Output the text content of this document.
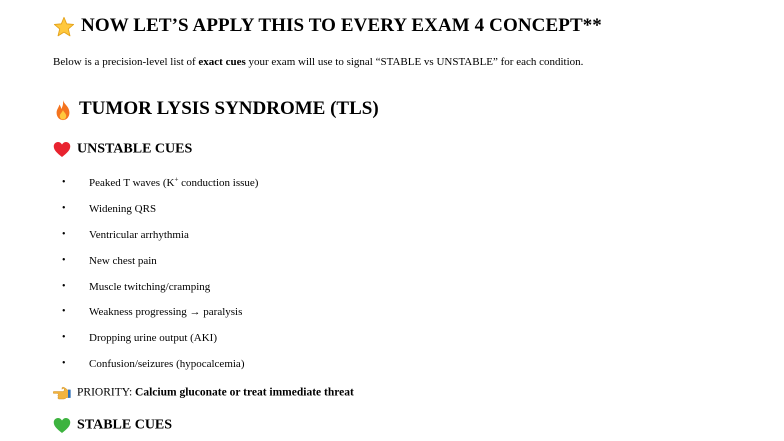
NOW LET’S APPLY THIS TO EVERY EXAM 4 CONCEPT**
Below is a precision-level list of exact cues your exam will use to signal “STABLE vs UNSTABLE” for each condition.
TUMOR LYSIS SYNDROME (TLS)
UNSTABLE CUES
• Peaked T waves (K+ conduction issue)
• Widening QRS
• Ventricular arrhythmia
• New chest pain
• Muscle twitching/cramping
• Weakness progressing → paralysis
• Dropping urine output (AKI)
• Confusion/seizures (hypocalcemia)
PRIORITY: Calcium gluconate or treat immediate threat
STABLE CUES
